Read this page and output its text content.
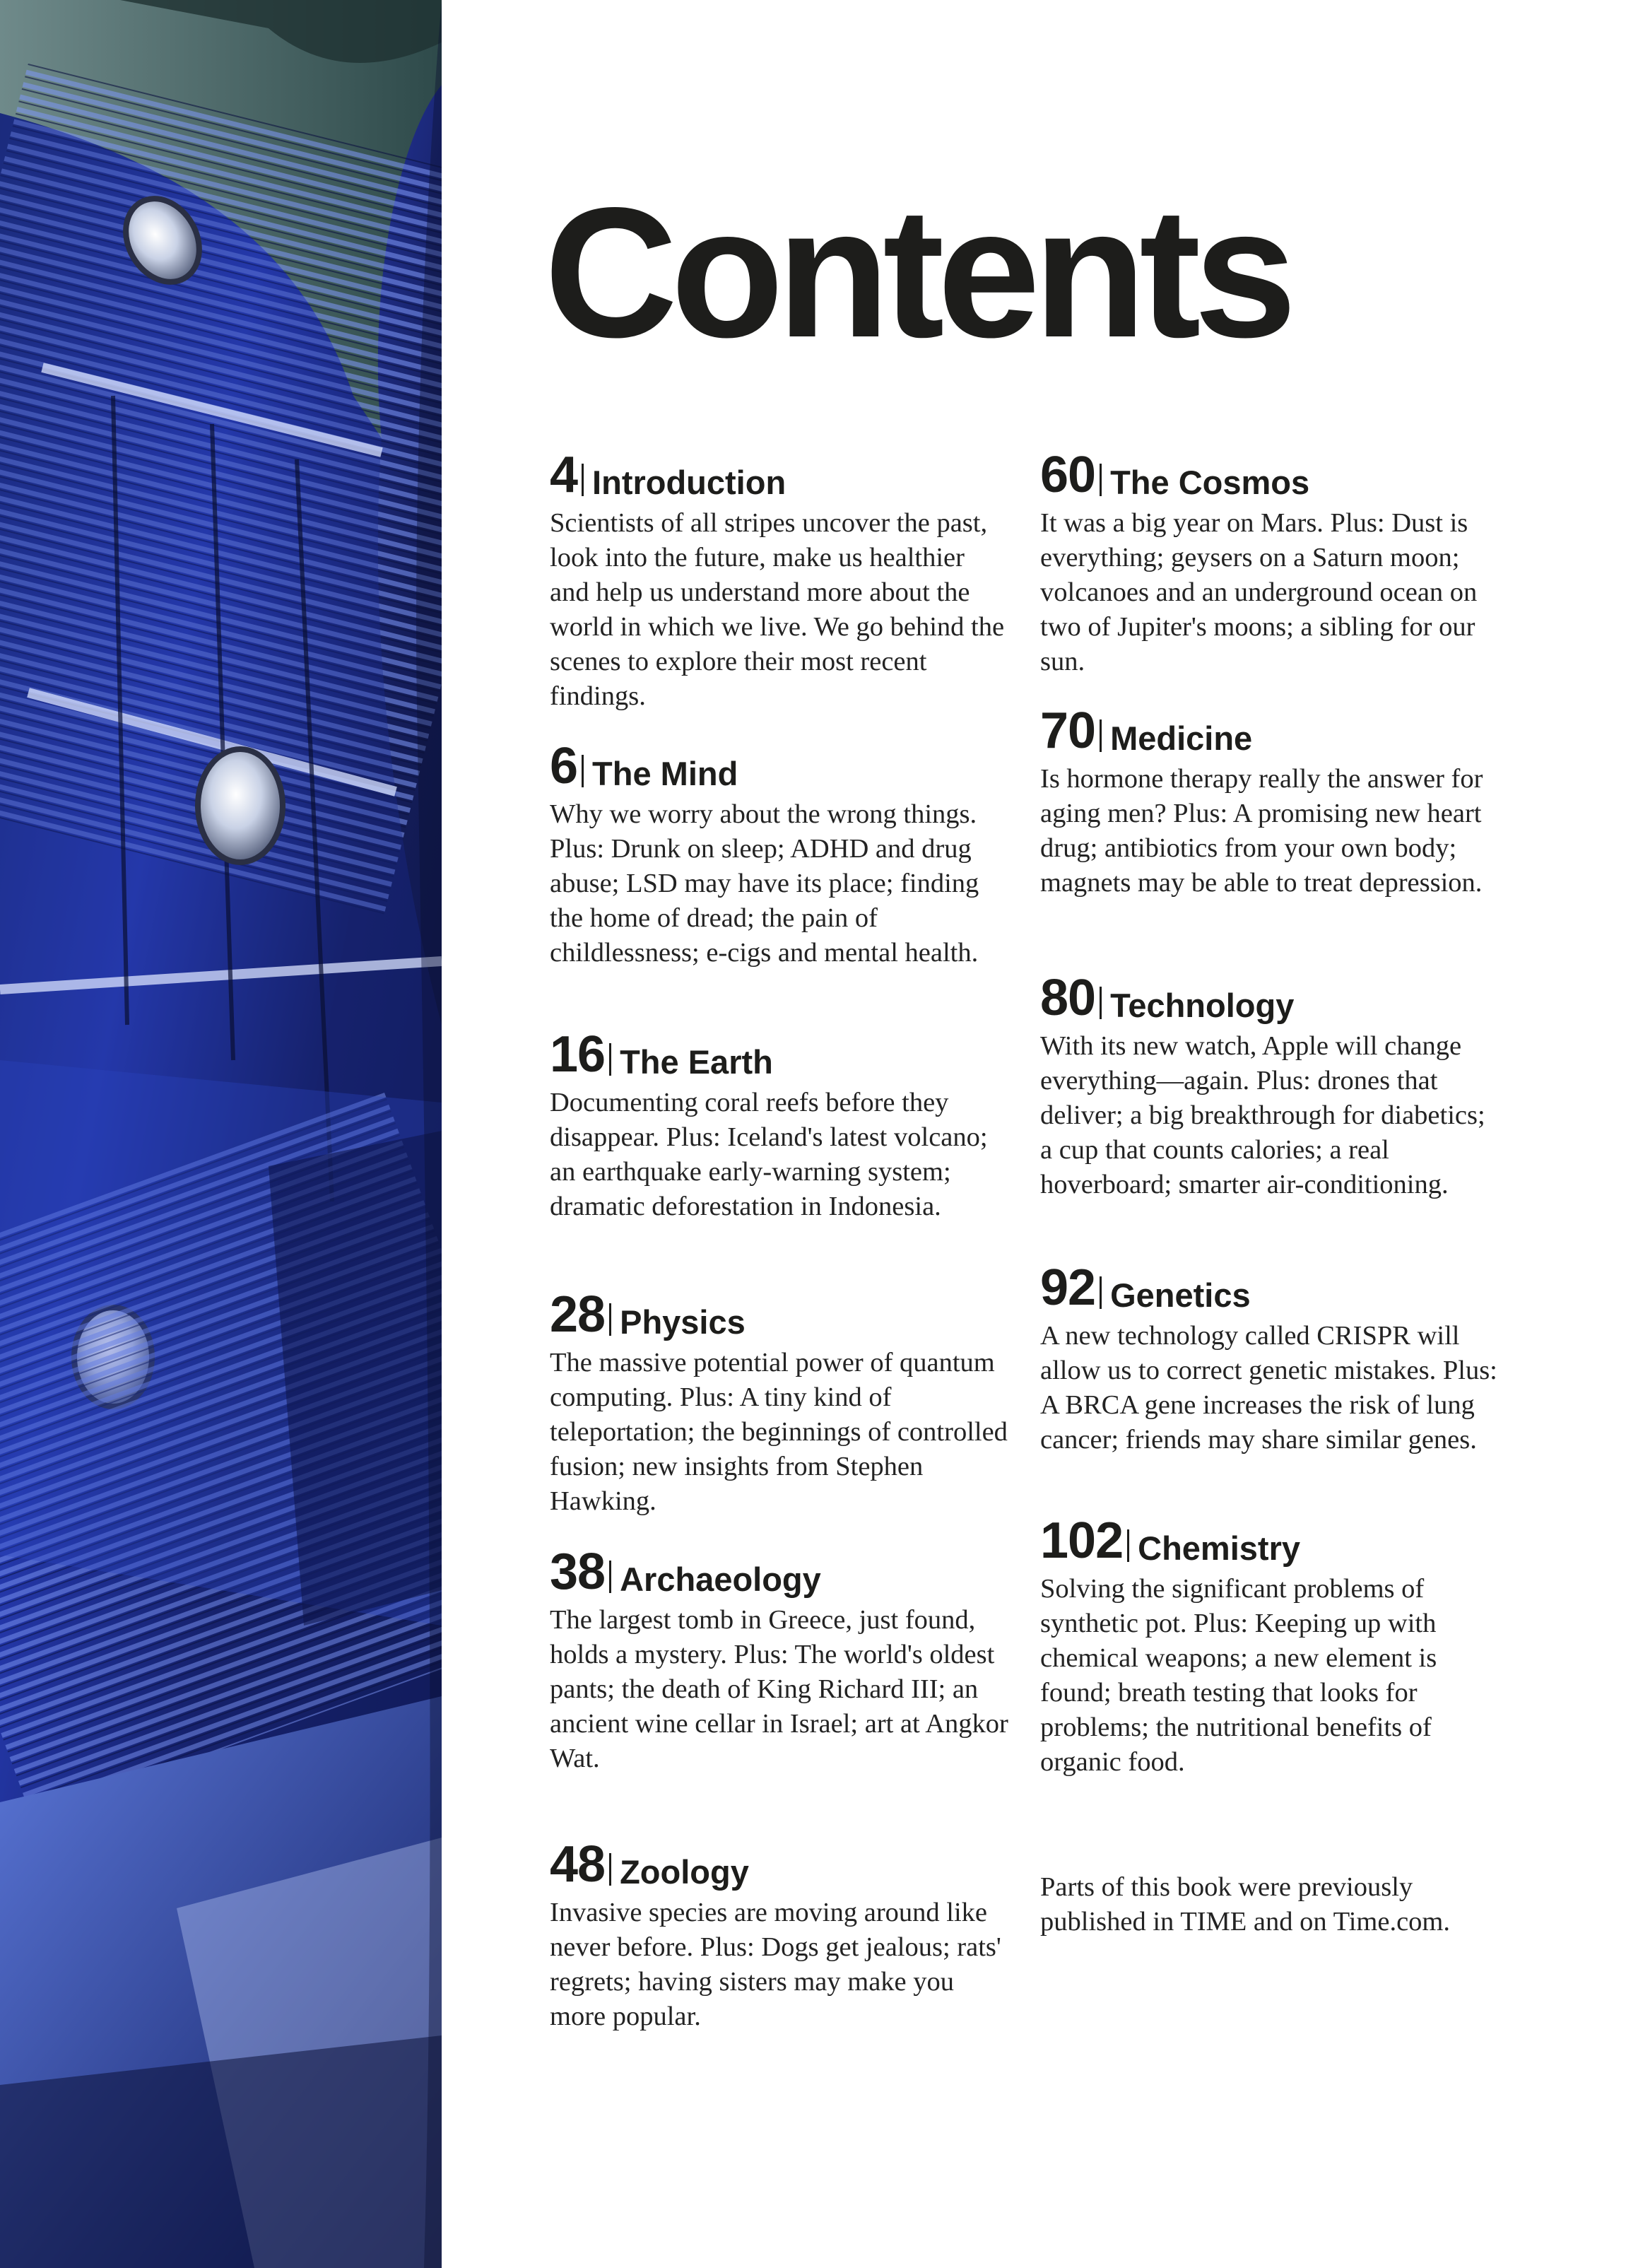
Contents
4 Introduction

Scientists of all stripes uncover the past, look into the future, make us healthier and help us understand more about the world in which we live. We go behind the scenes to explore their most recent findings.

6 The Mind

Why we worry about the wrong things. Plus: Drunk on sleep; ADHD and drug abuse; LSD may have its place; finding the home of dread; the pain of childlessness; e-cigs and mental health.

16 The Earth

Documenting coral reefs before they disappear. Plus: Iceland's latest volcano; an earthquake early-warning system; dramatic deforestation in Indonesia.

28 Physics

The massive potential power of quantum computing. Plus: A tiny kind of teleportation; the beginnings of controlled fusion; new insights from Stephen Hawking.

38 Archaeology

The largest tomb in Greece, just found, holds a mystery. Plus: The world's oldest pants; the death of King Richard III; an ancient wine cellar in Israel; art at Angkor Wat.

48 Zoology

Invasive species are moving around like never before. Plus: Dogs get jealous; rats' regrets; having sisters may make you more popular.

60 The Cosmos

It was a big year on Mars. Plus: Dust is everything; geysers on a Saturn moon; volcanoes and an underground ocean on two of Jupiter's moons; a sibling for our sun.

70 Medicine

Is hormone therapy really the answer for aging men? Plus: A promising new heart drug; antibiotics from your own body; magnets may be able to treat depression.

80 Technology

With its new watch, Apple will change everything—again. Plus: drones that deliver; a big breakthrough for diabetics; a cup that counts calories; a real hoverboard; smarter air-conditioning.

92 Genetics

A new technology called CRISPR will allow us to correct genetic mistakes. Plus: A BRCA gene increases the risk of lung cancer; friends may share similar genes.

102 Chemistry

Solving the significant problems of synthetic pot. Plus: Keeping up with chemical weapons; a new element is found; breath testing that looks for problems; the nutritional benefits of organic food.

Parts of this book were previously published in TIME and on Time.com.
